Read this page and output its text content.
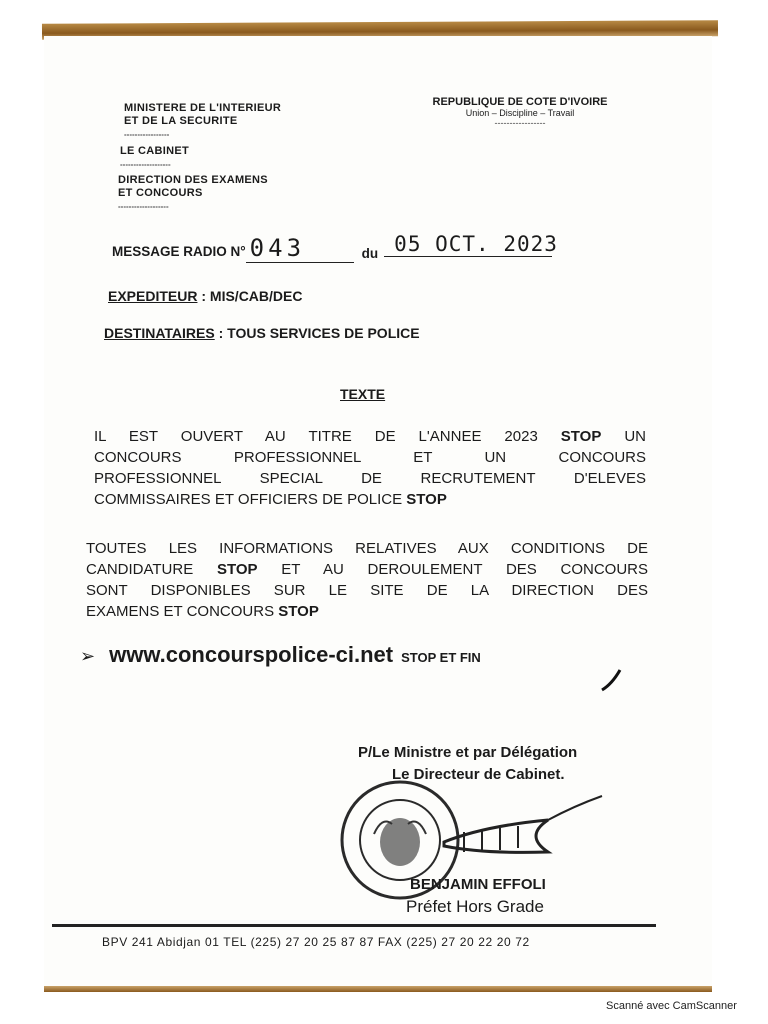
MINISTERE DE L'INTERIEUR
ET DE LA SECURITE
-----------------
LE CABINET
-------------------
DIRECTION DES EXAMENS
ET CONCOURS
-------------------
REPUBLIQUE DE COTE D'IVOIRE
Union – Discipline – Travail
-----------------
MESSAGE RADIO N° 043	du 05 OCT. 2023
EXPEDITEUR : MIS/CAB/DEC
DESTINATAIRES : TOUS SERVICES DE POLICE
TEXTE
IL EST OUVERT AU TITRE DE L'ANNEE 2023 STOP UN
CONCOURS PROFESSIONNEL ET UN CONCOURS
PROFESSIONNEL SPECIAL DE RECRUTEMENT D'ELEVES
COMMISSAIRES ET OFFICIERS DE POLICE STOP
TOUTES LES INFORMATIONS RELATIVES AUX CONDITIONS DE
CANDIDATURE STOP ET AU DEROULEMENT DES CONCOURS
SONT DISPONIBLES SUR LE SITE DE LA DIRECTION DES
EXAMENS ET CONCOURS STOP
➢ www.concourspolice-ci.net STOP ET FIN
P/Le Ministre et par Délégation
Le Directeur de Cabinet.
BENJAMIN EFFOLI
Préfet Hors Grade
BPV 241 Abidjan 01 TEL (225) 27 20 25 87 87 FAX (225) 27 20 22 20 72
Scanné avec CamScanner
